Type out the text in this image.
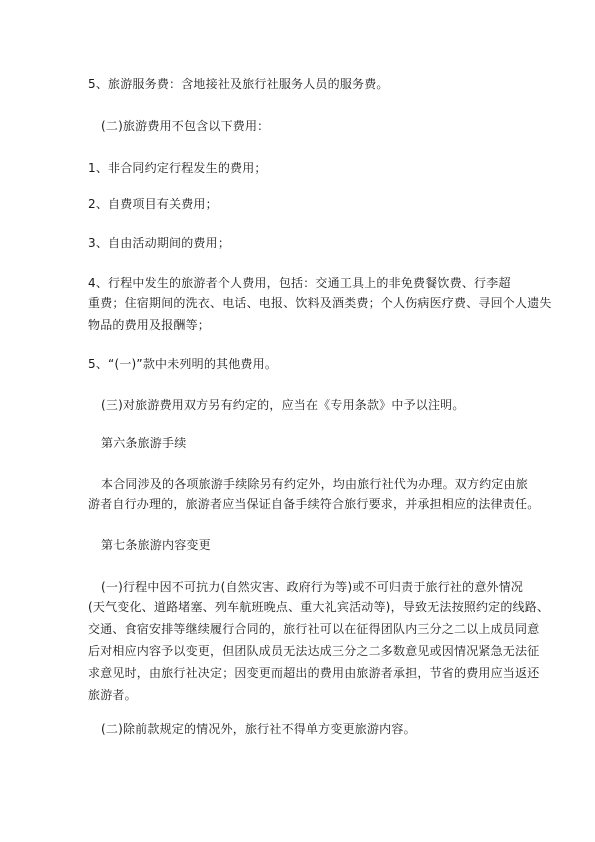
5、旅游服务费：含地接社及旅行社服务人员的服务费。

(二)旅游费用不包含以下费用：

1、非合同约定行程发生的费用；

2、自费项目有关费用；

3、自由活动期间的费用；

4、行程中发生的旅游者个人费用，包括：交通工具上的非免费餐饮费、行李超

重费；住宿期间的洗衣、电话、电报、饮料及酒类费；个人伤病医疗费、寻回个人遗失
物品的费用及报酬等；

5、“(一)”款中未列明的其他费用。

(三)对旅游费用双方另有约定的，应当在《专用条款》中予以注明。

第六条旅游手续

本合同涉及的各项旅游手续除另有约定外，均由旅行社代为办理。双方约定由旅

游者自行办理的，旅游者应当保证自备手续符合旅行要求，并承担相应的法律责任。

第七条旅游内容变更

(一)行程中因不可抗力(自然灾害、政府行为等)或不可归责于旅行社的意外情况

(天气变化、道路堵塞、列车航班晚点、重大礼宾活动等)，导致无法按照约定的线路、
交通、食宿安排等继续履行合同的，旅行社可以在征得团队内三分之二以上成员同意
后对相应内容予以变更，但团队成员无法达成三分之二多数意见或因情况紧急无法征
求意见时，由旅行社决定；因变更而超出的费用由旅游者承担，节省的费用应当返还
旅游者。

(二)除前款规定的情况外，旅行社不得单方变更旅游内容。
